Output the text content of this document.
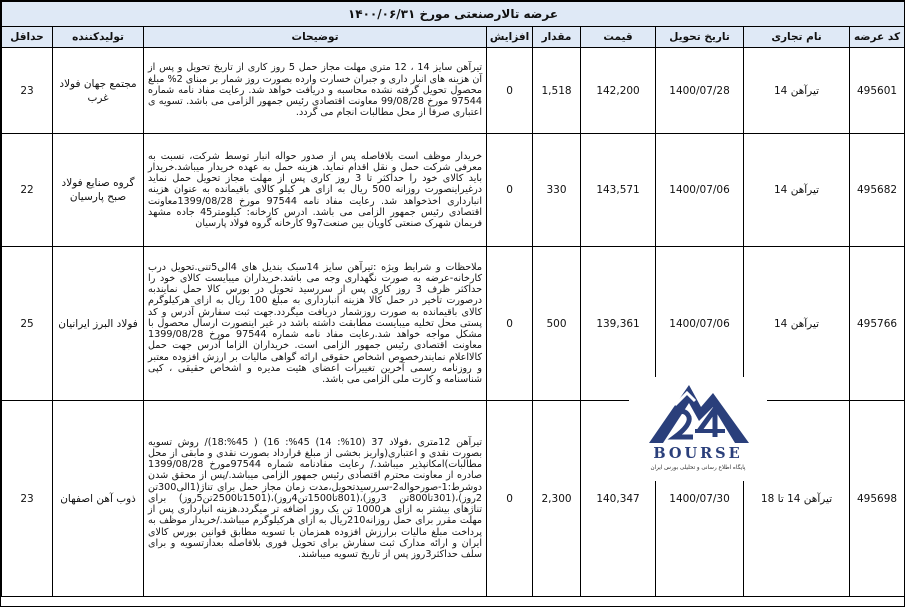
عرضه تالارصنعتی مورخ ۱۴۰۰/۰۶/۳۱								
کد عرضه	نام تجاری	تاریخ تحویل	قیمت	مقدار	افزایش	توضیحات	تولیدکننده	حداقل
495601	تیرآهن 14	1400/07/28	142,200	1,518	0	تیرآهن سایز 14 ، 12 متری مهلت مجاز حمل 5 روز کاری از تاریخ تحویل و پس از آن هزینه های انبار داری و جبران خسارت وارده بصورت روز شمار بر مبنای 2% مبلغ محصول تحویل گرفته نشده محاسبه و دریافت خواهد شد. رعایت مفاد نامه شماره 97544 مورخ 99/08/28 معاونت اقتصادی رئیس جمهور الزامی می باشد. تسویه ی اعتباری صرفا از محل مطالبات انجام می گردد.	مجتمع جهان فولاد غرب	23
495682	تیرآهن 14	1400/07/06	143,571	330	0	خریدار موظف است بلافاصله پس از صدور حواله انبار توسط شرکت، نسبت به معرفی شرکت حمل و نقل اقدام نماید. هزینه حمل به عهده خریدار میباشد.خریدار باید کالای خود را حداکثر تا 3 روز کاری پس از مهلت مجاز تحویل حمل نماید درغیراینصورت روزانه 500 ریال به ازای هر کیلو کالای باقیمانده به عنوان هزینه انبارداری اخذخواهد شد. رعایت مفاد نامه 97544 مورخ 1399/08/28معاونت اقتصادی رئیس جمهور الزامی می باشد. ادرس کارخانه: کیلومتر45 جاده مشهد فریمان شهرک صنعتی کاویان بین صنعت7و9 کارخانه گروه فولاد پارسیان	گروه صنایع فولاد صبح پارسیان	22
495766	تیرآهن 14	1400/07/06	139,361	500	0	ملاحظات و شرایط ویژه :تیرآهن سایز 14سبک بندیل های 4الی5تنی.تحویل درب کارخانه-عرضه به صورت نگهداری وجه می باشد.خریداران میبایست کالای خود را حداکثر ظرف 3 روز کاری پس از سررسید تحویل در بورس کالا حمل نمایندبه درصورت تاخیر در حمل کالا هزینه انبارداری به مبلغ 100 ریال به ازای هرکیلوگرم کالای باقیمانده به صورت روزشمار دریافت میگردد.جهت ثبت سفارش آدرس و کد پستی محل تخلیه میبایست مطابقت داشته باشد در غیر اینصورت ارسال محصول با مشکل مواجه خواهد شد.رعایت مفاد نامه شماره 97544 مورخ 1399/08/28 معاونت اقتصادی رئیس جمهور الزامی است. خریداران الزاما آدرس جهت حمل کالااعلام نمایندرخصوص اشخاص حقوقی ارائه گواهی مالیات بر ارزش افزوده معتبر و روزنامه رسمی آخرین تغییرات اعضای هئیت مدیره و اشخاص حقیقی ، کپی شناسنامه و کارت ملی الزامی می باشد.	فولاد البرز ایرانیان	25
495698	تیرآهن 14 تا 18	1400/07/30	140,347	2,300	0	تیرآهن 12متری ،فولاد 37 (10%: 14) 45%: 16) ( 45%:18)/ روش تسویه بصورت نقدی و اعتباری(واریز بخشی از مبلغ قرارداد بصورت نقدی و مابقی از محل مطالبات)امکانپذیر میباشد./ رعایت مفادنامه شماره 97544مورخ 1399/08/28 صادره از معاونت محترم اقتصادی رئیس جمهور الزامی میباشد./پس از محقق شدن دوشرط:1-صورحواله2-سررسیدتحویل،مدت زمان مجاز حمل برای تناژ(1الی300تن 2روز)،(301تا800تن 3روز)،(801تا1500تن4روز)،(1501تا2500تن5روز) برای تناژهای بیشتر به ازای هر1000 تن یک روز اضافه تر میگردد.هزینه انبارداری پس از مهلت مقرر برای حمل روزانه210ریال به ازای هرکیلوگرم میباشد./خریدار موظف به پرداخت مبلغ مالیات برارزش افزوده همزمان با تسویه مطابق قوانین بورس کالای ایران و ارائه مدارک ثبت سفارش برای تحویل فوری بلافاصله بعدازتسویه و برای سلف حداکثر3روز پس از تاریخ تسویه میباشند.	ذوب آهن اصفهان	23
BOURSE
پایگاه اطلاع رسانی و تحلیلی بورس ایران
